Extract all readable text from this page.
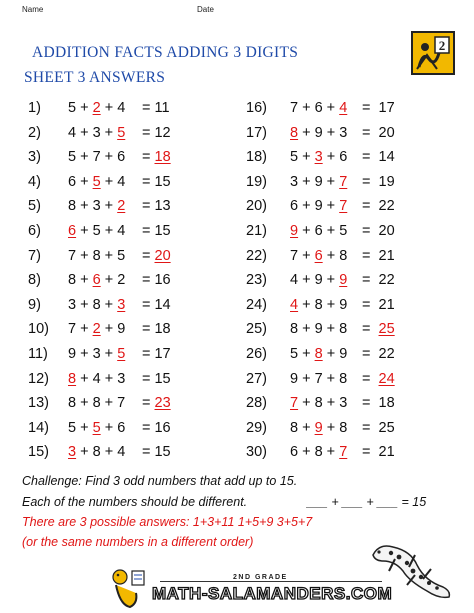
Name	Date
ADDITION FACTS ADDING 3 DIGITS
SHEET 3 ANSWERS
2
1) 5 + 2 + 4 = 11
2) 4 + 3 + 5 = 12
3) 5 + 7 + 6 = 18
4) 6 + 5 + 4 = 15
5) 8 + 3 + 2 = 13
6) 6 + 5 + 4 = 15
7) 7 + 8 + 5 = 20
8) 8 + 6 + 2 = 16
9) 3 + 8 + 3 = 14
10) 7 + 2 + 9 = 18
11) 9 + 3 + 5 = 17
12) 8 + 4 + 3 = 15
13) 8 + 8 + 7 = 23
14) 5 + 5 + 6 = 16
15) 3 + 8 + 4 = 15
16) 7 + 6 + 4 =  17
17) 8 + 9 + 3 =  20
18) 5 + 3 + 6 =  14
19) 3 + 9 + 7 =  19
20) 6 + 9 + 7 =  22
21) 9 + 6 + 5 =  20
22) 7 + 6 + 8 =  21
23) 4 + 9 + 9 =  22
24) 4 + 8 + 9 =  21
25) 8 + 9 + 8 =  25
26) 5 + 8 + 9 =  22
27) 9 + 7 + 8 =  24
28) 7 + 8 + 3 =  18
29) 8 + 9 + 8 =  25
30) 6 + 8 + 7 =  21
Challenge: Find 3 odd numbers that add up to 15.
Each of the numbers should be different.	___ + ___ + ___ = 15
There are 3 possible answers: 1+3+11 1+5+9 3+5+7
(or the same numbers in a different order)
2ND GRADE
MATH-SALAMANDERS.COM
